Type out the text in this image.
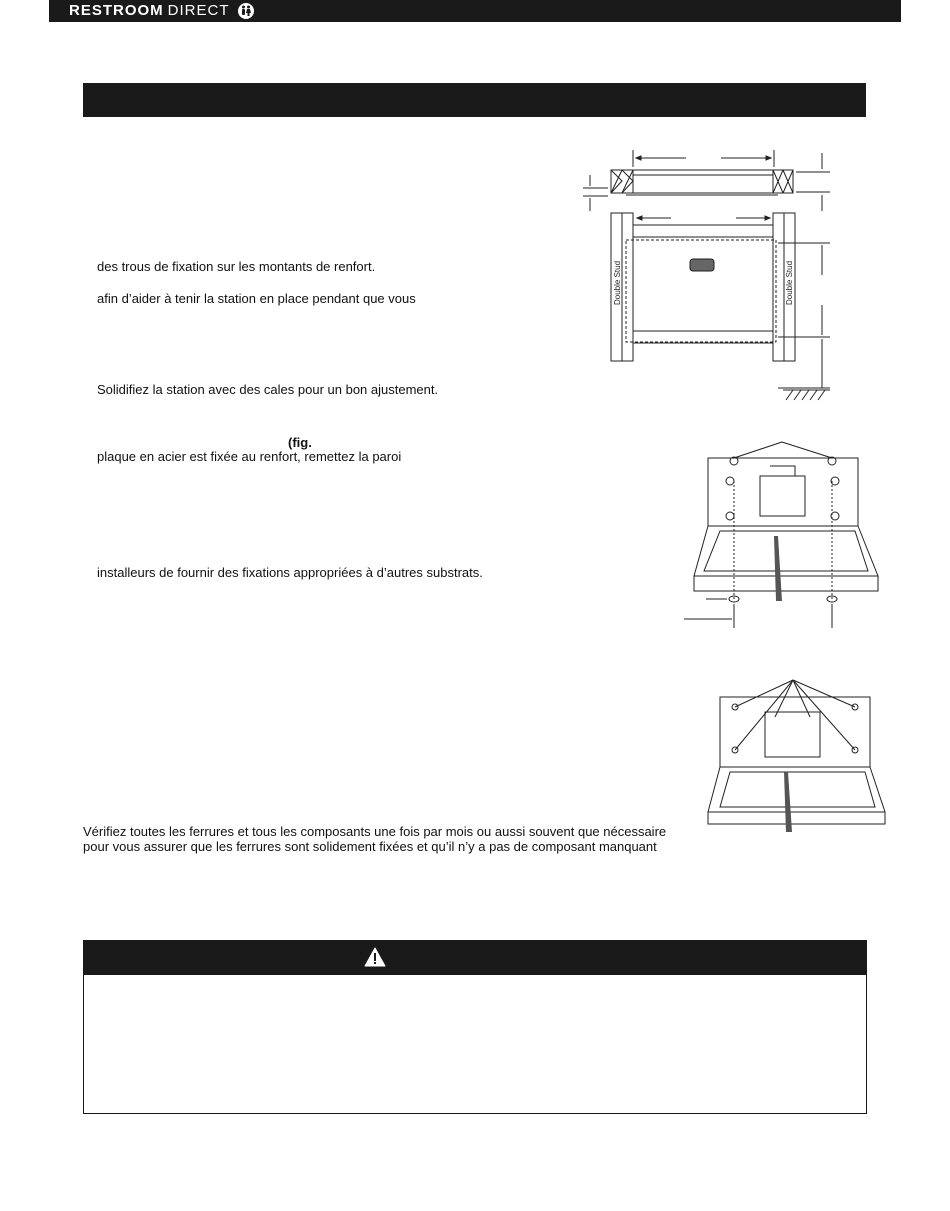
RESTROOM DIRECT
des trous de fixation sur les montants de renfort.
afin d’aider à tenir la station en place pendant que vous
Solidifiez la station avec des cales pour un bon ajustement.
(fig.
plaque en acier est fixée au renfort, remettez la paroi
installeurs de fournir des fixations appropriées à d’autres substrats.
Vérifiez toutes les ferrures et tous les composants une fois par mois ou aussi souvent que nécessaire
pour vous assurer que les ferrures sont solidement fixées et qu’il n’y a pas de composant manquant
Double Stud	Double Stud
